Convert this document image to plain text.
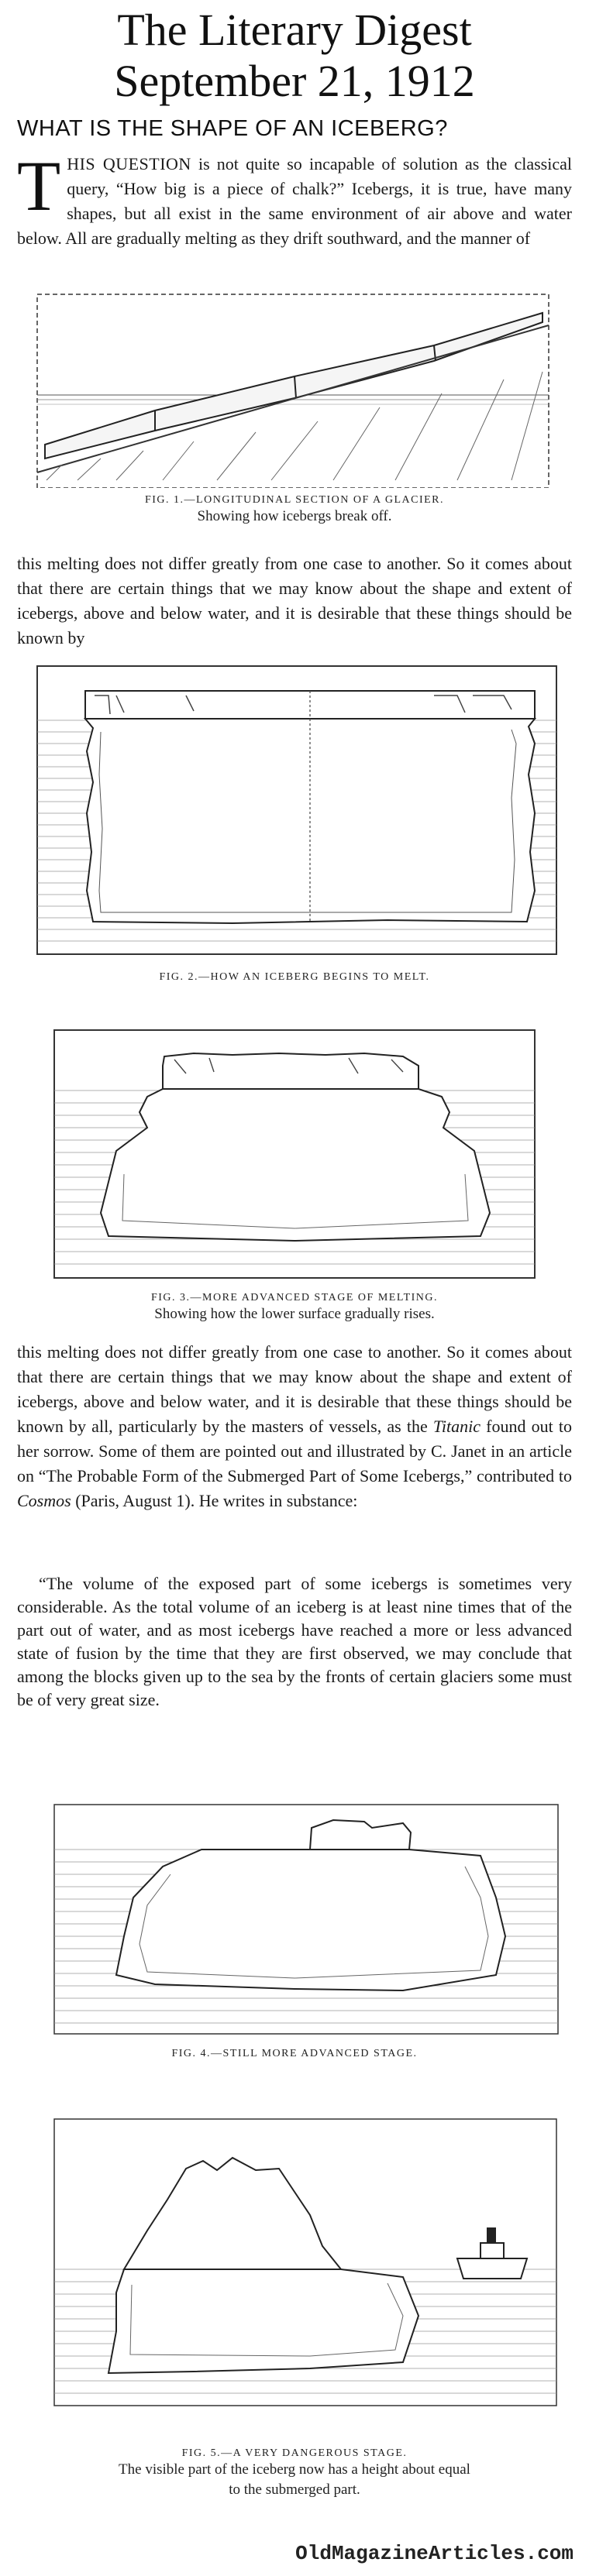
The Literary Digest
September 21, 1912
WHAT IS THE SHAPE OF AN ICEBERG?
THIS QUESTION is not quite so incapable of solution as the classical query, “How big is a piece of chalk?” Icebergs, it is true, have many shapes, but all exist in the same environment of air above and water below. All are gradually melting as they drift southward, and the manner of
FIG. 1.—LONGITUDINAL SECTION OF A GLACIER.
Showing how icebergs break off.
this melting does not differ greatly from one case to another. So it comes about that there are certain things that we may know about the shape and extent of icebergs, above and below water, and it is desirable that these things should be known by
FIG. 2.—HOW AN ICEBERG BEGINS TO MELT.
FIG. 3.—MORE ADVANCED STAGE OF MELTING.
Showing how the lower surface gradually rises.
this melting does not differ greatly from one case to another. So it comes about that there are certain things that we may know about the shape and extent of icebergs, above and below water, and it is desirable that these things should be known by all, particularly by the masters of vessels, as the Titanic found out to her sorrow. Some of them are pointed out and illustrated by C. Janet in an article on “The Probable Form of the Submerged Part of Some Icebergs,” contributed to Cosmos (Paris, August 1). He writes in substance:
“The volume of the exposed part of some icebergs is sometimes very considerable. As the total volume of an iceberg is at least nine times that of the part out of water, and as most icebergs have reached a more or less advanced state of fusion by the time that they are first observed, we may conclude that among the blocks given up to the sea by the fronts of certain glaciers some must be of very great size.
FIG. 4.—STILL MORE ADVANCED STAGE.
FIG. 5.—A VERY DANGEROUS STAGE.
The visible part of the iceberg now has a height about equal
to the submerged part.
OldMagazineArticles.com
